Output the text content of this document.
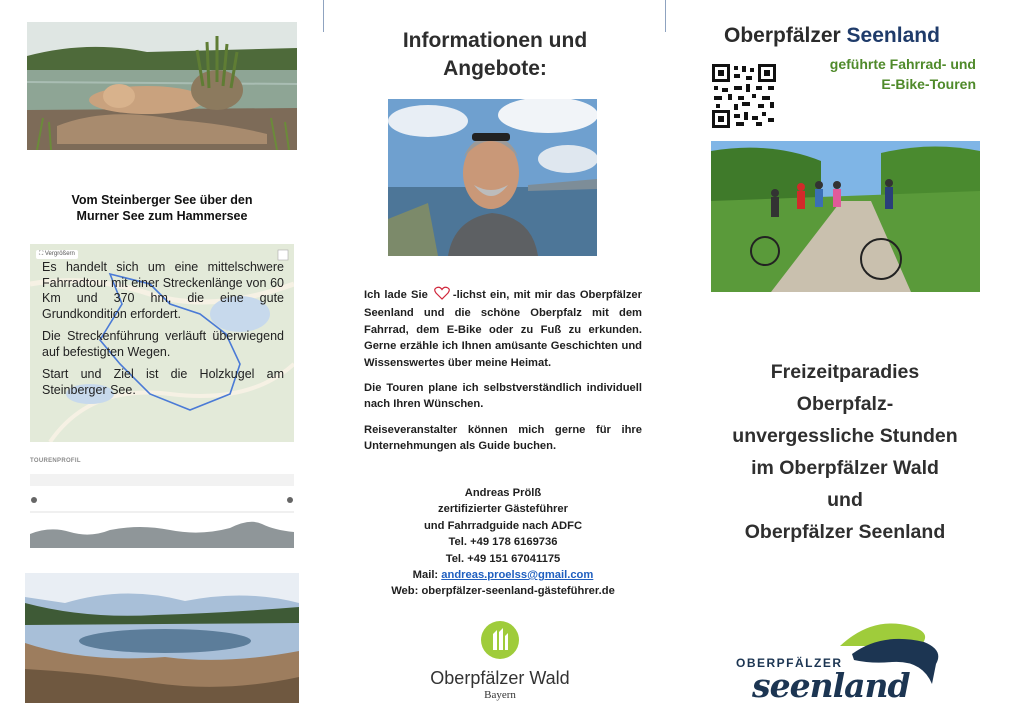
Vom Steinberger See über den
Murner See zum Hammersee
⛶ Vergrößern

Es handelt sich um eine mittelschwere Fahrradtour mit einer Streckenlänge von 60 Km und 370 hm, die eine gute Grundkondition erfordert.

Die Streckenführung verläuft überwiegend auf befestigten Wegen.

Start und Ziel ist die Holzkugel am Steinberger See.

TOURENPROFIL
Informationen und
Angebote:

Ich lade Sie -lichst ein, mit mir das Oberpfälzer Seenland und die schöne Oberpfalz mit dem Fahrrad, dem E-Bike oder zu Fuß zu erkunden. Gerne erzähle ich Ihnen amüsante Geschichten und Wissenswertes über meine Heimat.

Die Touren plane ich selbstverständlich individuell nach Ihren Wünschen.

Reiseveranstalter können mich gerne für ihre Unternehmungen als Guide buchen.

Andreas Prölß
zertifizierter Gästeführer
und Fahrradguide nach ADFC
Tel. +49 178 6169736
Tel. +49 151 67041175
Mail: andreas.proelss@gmail.com
Web: oberpfälzer-seenland-gästeführer.de
Oberpfälzer Wald
Bayern
Oberpfälzer Seenland
geführte Fahrrad- und
E-Bike-Touren
Freizeitparadies
Oberpfalz-
unvergessliche Stunden
im Oberpfälzer Wald
und
Oberpfälzer Seenland
OBERPFÄLZER
seenland
